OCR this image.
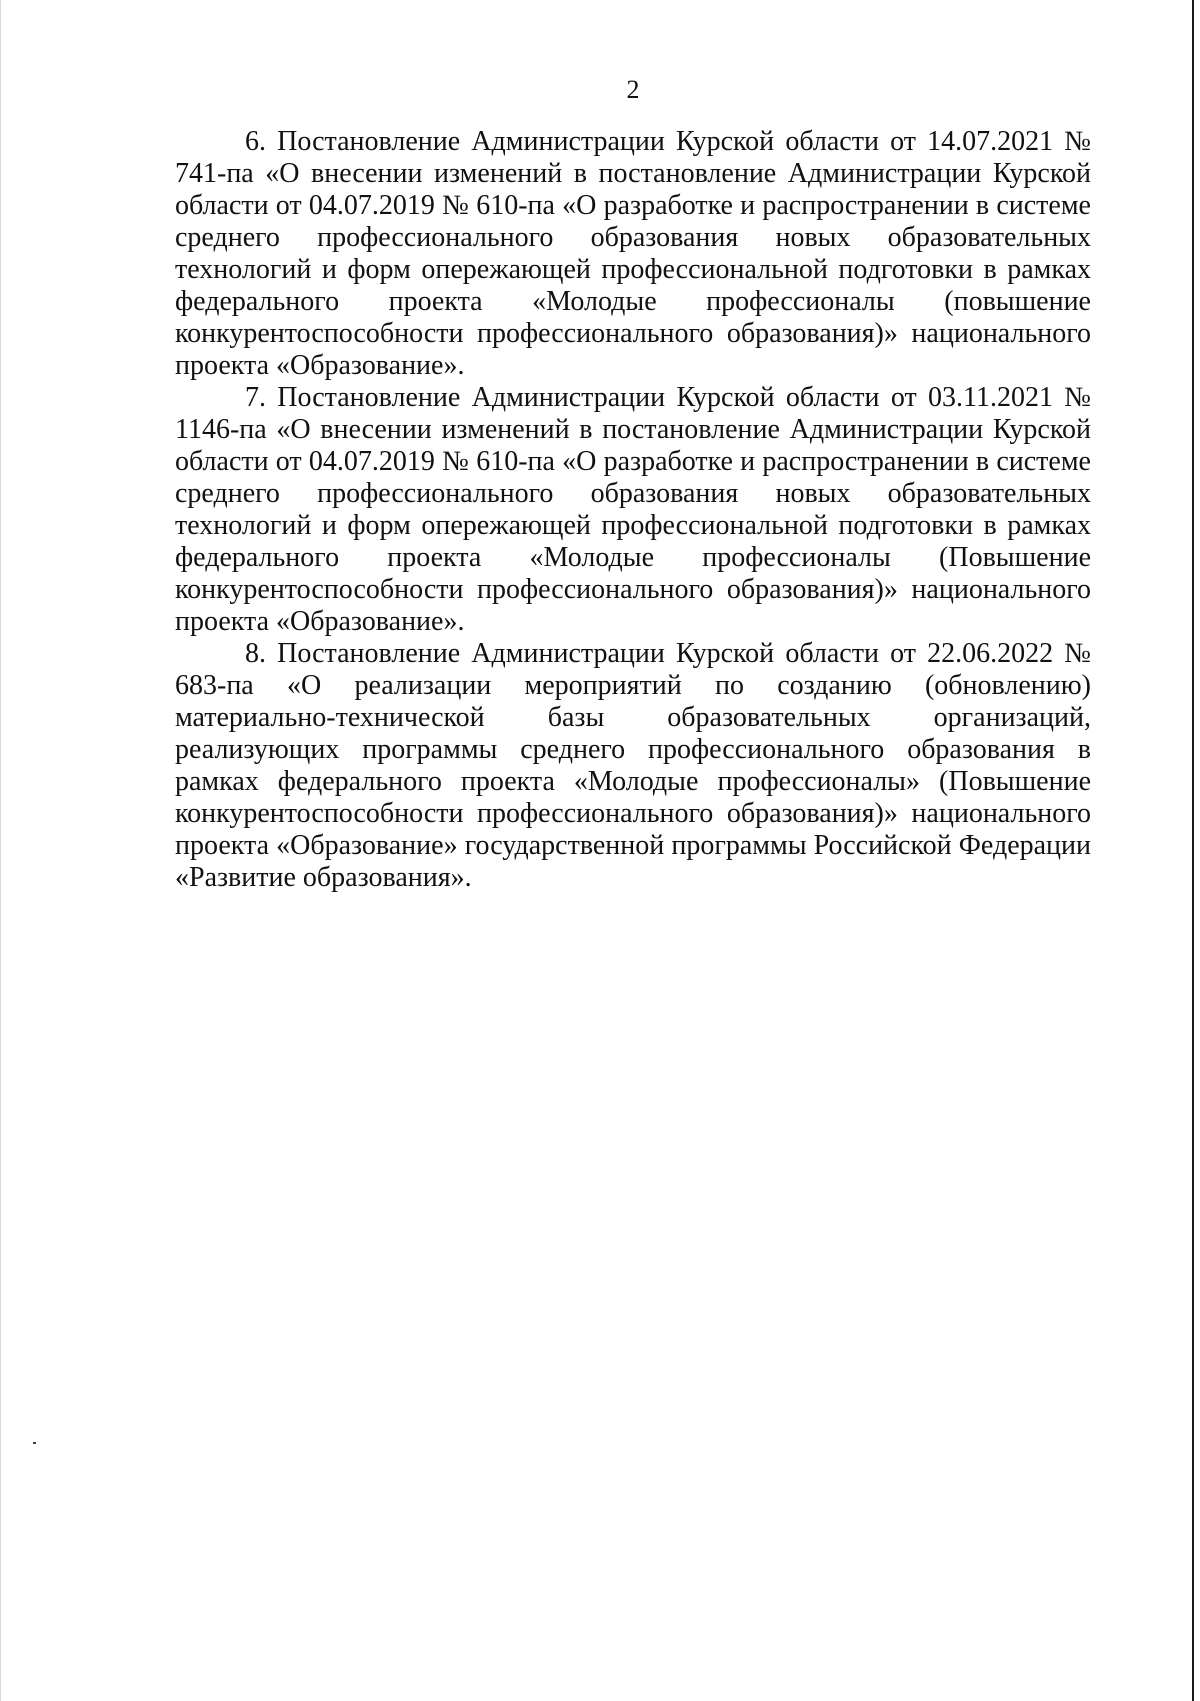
2

6. Постановление Администрации Курской области от 14.07.2021 № 741-па «О внесении изменений в постановление Администрации Курской области от 04.07.2019 № 610-па «О разработке и распространении в системе среднего профессионального образования новых образовательных технологий и форм опережающей профессиональной подготовки в рамках федерального проекта «Молодые профессионалы (повышение конкурентоспособности профессионального образования)» национального проекта «Образование».

7. Постановление Администрации Курской области от 03.11.2021 № 1146-па «О внесении изменений в постановление Администрации Курской области от 04.07.2019 № 610-па «О разработке и распространении в системе среднего профессионального образования новых образовательных технологий и форм опережающей профессиональной подготовки в рамках федерального проекта «Молодые профессионалы (Повышение конкурентоспособности профессионального образования)» национального проекта «Образование».

8. Постановление Администрации Курской области от 22.06.2022 № 683-па «О реализации мероприятий по созданию (обновлению) материально-технической базы образовательных организаций, реализующих программы среднего профессионального образования в рамках федерального проекта «Молодые профессионалы» (Повышение конкурентоспособности профессионального образования)» национального проекта «Образование» государственной программы Российской Федерации «Развитие образования».
